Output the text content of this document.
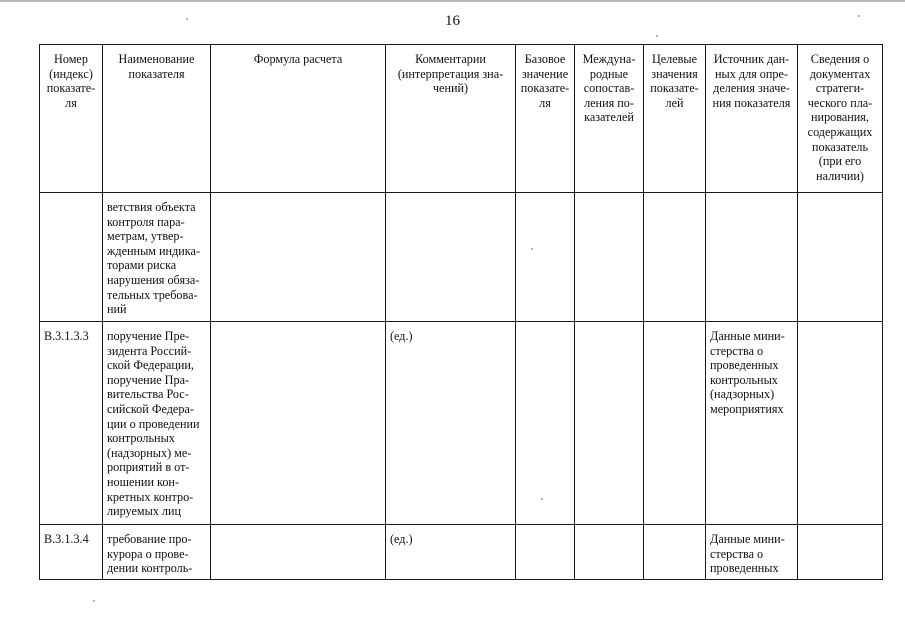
16
Номер (индекс) показате-ля	Наименование показателя	Формула расчета	Комментарии (интерпретация зна-чений)	Базовое значение показате-ля	Междуна-родные сопостав-ления по-казателей	Целевые значения показате-лей	Источник дан-ных для опре-деления значе-ния показателя	Сведения о документах стратеги-ческого пла-нирования, содержащих показатель (при его наличии)
	ветствия объекта контроля пара-метрам, утвер-жденным индика-торами риска нарушения обяза-тельных требова-ний							
В.3.1.3.3	поручение Пре-зидента Россий-ской Федерации, поручение Пра-вительства Рос-сийской Федера-ции о проведении контрольных (надзорных) ме-роприятий в от-ношении кон-кретных контро-лируемых лиц		(ед.)				Данные мини-стерства о проведенных контрольных (надзорных) мероприятиях	
В.3.1.3.4	требование про-курора о прове-дении контроль-		(ед.)				Данные мини-стерства о проведенных	
